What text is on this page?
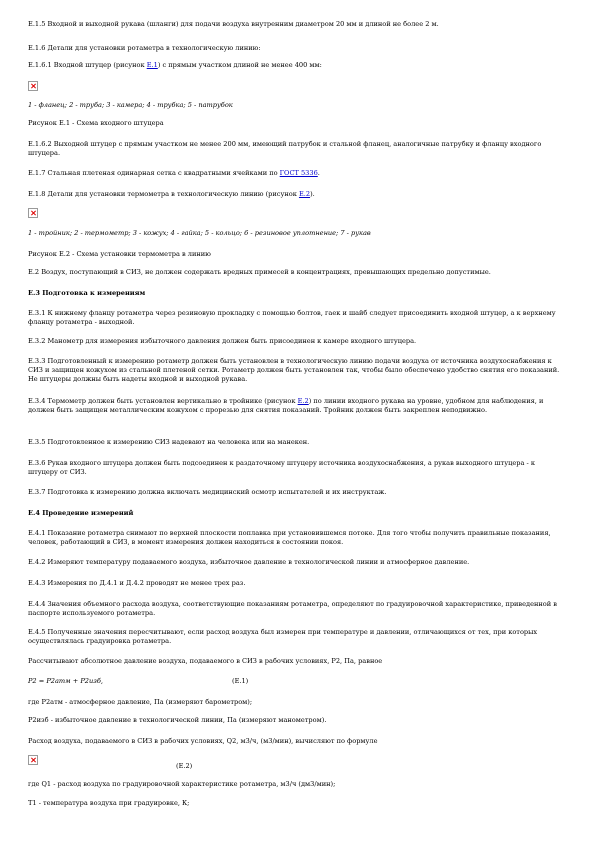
Е.1.5 Входной и выходной рукава (шланги) для подачи воздуха внутренним диаметром 20 мм и длиной не более 2 м.

Е.1.6 Детали для установки ротаметра в технологическую линию:

Е.1.6.1 Входной штуцер (рисунок Е.1) с прямым участком длиной не менее 400 мм:

1 - фланец; 2 - труба; 3 - камера; 4 - трубка; 5 - патрубок

Рисунок Е.1 - Схема входного штуцера

Е.1.6.2 Выходной штуцер с прямым участком не менее 200 мм, имеющий патрубок и стальной фланец, аналогичные патрубку и фланцу входного штуцера.

Е.1.7 Стальная плетеная одинарная сетка с квадратными ячейками по ГОСТ 5336.

Е.1.8 Детали для установки термометра в технологическую линию (рисунок Е.2).

1 - тройник; 2 - термометр; 3 - кожух; 4 - гайка; 5 - кольцо; 6 - резиновое уплотнение; 7 - рукав

Рисунок Е.2 - Схема установки термометра в линию

Е.2 Воздух, поступающий в СИЗ, не должен содержать вредных примесей в концентрациях, превышающих предельно допустимые.

Е.3 Подготовка к измерениям

Е.3.1 К нижнему фланцу ротаметра через резиновую прокладку с помощью болтов, гаек и шайб следует присоединить входной штуцер, а к верхнему фланцу ротаметра - выходной.

Е.3.2 Манометр для измерения избыточного давления должен быть присоединен к камере входного штуцера.

Е.3.3 Подготовленный к измерению ротаметр должен быть установлен в технологическую линию подачи воздуха от источника воздухоснабжения к СИЗ и защищен кожухом из стальной плетеной сетки. Ротаметр должен быть установлен так, чтобы было обеспечено удобство снятия его показаний. Не штуцеры должны быть надеты входной и выходной рукава.

Е.3.4 Термометр должен быть установлен вертикально в тройнике (рисунок Е.2) по линии входного рукава на уровне, удобном для наблюдения, и должен быть защищен металлическим кожухом с прорезью для снятия показаний. Тройник должен быть закреплен неподвижно.

Е.3.5 Подготовленное к измерению СИЗ надевают на человека или на манекен.

Е.3.6 Рукав входного штуцера должен быть подсоединен к раздаточному штуцеру источника воздухоснабжения, а рукав выходного штуцера - к штуцеру от СИЗ.

Е.3.7 Подготовка к измерению должна включать медицинский осмотр испытателей и их инструктаж.

Е.4 Проведение измерений

Е.4.1 Показание ротаметра снимают по верхней плоскости поплавка при установившемся потоке. Для того чтобы получить правильные показания, человек, работающий в СИЗ, в момент измерения должен находиться в состоянии покоя.

Е.4.2 Измеряют температуру подаваемого воздуха, избыточное давление в технологической линии и атмосферное давление.

Е.4.3 Измерения по Д.4.1 и Д.4.2 проводят не менее трех раз.

Е.4.4 Значения объемного расхода воздуха, соответствующие показаниям ротаметра, определяют по градуировочной характеристике, приведенной в паспорте используемого ротаметра.

Е.4.5 Полученные значения пересчитывают, если расход воздуха был измерен при температуре и давлении, отличающихся от тех, при которых осуществлялась градуировка ротаметра.

Рассчитывают абсолютное давление воздуха, подаваемого в СИЗ в рабочих условиях, Р2, Па, равное

Р2 = Р2атм + Р2изб,	(Е.1)

где Р2атм - атмосферное давление, Па (измеряют барометром);

Р2изб - избыточное давление в технологической линии, Па (измеряют манометром).

Расход воздуха, подаваемого в СИЗ в рабочих условиях, Q2, м3/ч, (м3/мин), вычисляют по формуле

(Е.2)

где Q1 - расход воздуха по градуировочной характеристике ротаметра, м3/ч (дм3/мин);

Т1 - температура воздуха при градуировке, К;
